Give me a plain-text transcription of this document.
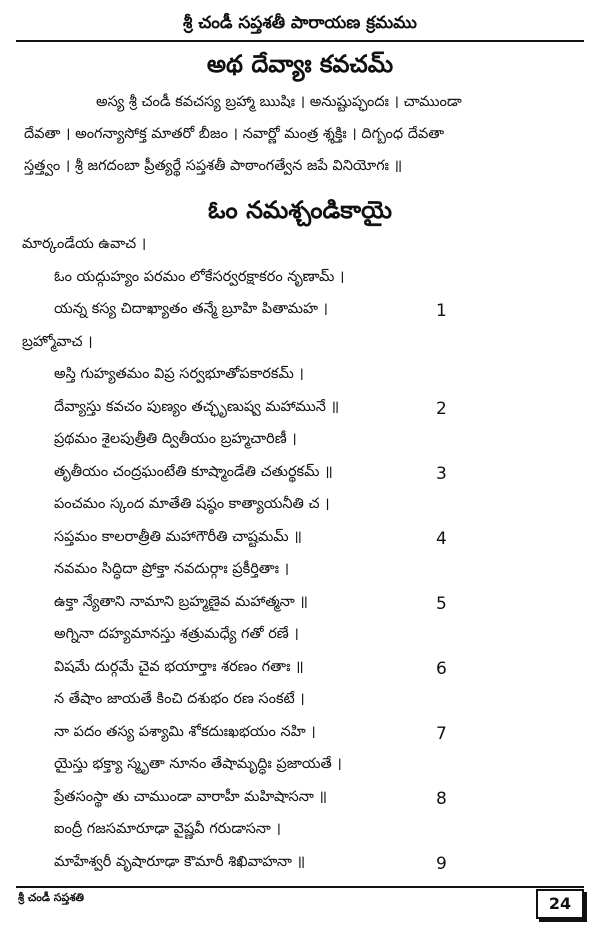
శ్రీ చండీ సప్తశతీ పారాయణ క్రమము
అథ దేవ్యాః కవచమ్
అస్య శ్రీ చండీ కవచస్య బ్రహ్మా ఋషిః । అనుష్టుప్ఛందః । చాముండా
దేవతా । అంగన్యాసోక్త మాతరో బీజం । నవార్ణో మంత్ర శ్శక్తిః । దిగ్బంధ దేవతా
స్తత్త్వం । శ్రీ జగదంబా ప్రీత్యర్థే సప్తశతీ పాఠాంగత్వేన జపే వినియోగః ॥
ఓం నమశ్చండికాయై
మార్కండేయ ఉవాచ ।
ఓం యద్గుహ్యం పరమం లోకేసర్వరక్షాకరం నృణామ్ ।
యన్న కస్య చిదాఖ్యాతం తన్మే బ్రూహి పితామహ ।	1
బ్రహ్మోవాచ ।
అస్తి గుహ్యతమం విప్ర సర్వభూతోపకారకమ్ ।
దేవ్యాస్తు కవచం పుణ్యం తచ్ఛృణుష్వ మహామునే ॥	2
ప్రథమం శైలపుత్రీతి ద్వితీయం బ్రహ్మచారిణీ ।
తృతీయం చంద్రఘంటేతి కూష్మాండేతి చతుర్థకమ్ ॥	3
పంచమం స్కంద మాతేతి షష్ఠం కాత్యాయనీతి చ ।
సప్తమం కాలరాత్రీతి మహాగౌరీతి చాష్టమమ్ ॥	4
నవమం సిద్ధిదా ప్రోక్తా నవదుర్గాః ప్రకీర్తితాః ।
ఉక్తా న్యేతాని నామాని బ్రహ్మణైవ మహాత్మనా ॥	5
అగ్నినా దహ్యమానస్తు శత్రుమధ్యే గతో రణే ।
విషమే దుర్గమే చైవ భయార్తాః శరణం గతాః ॥	6
న తేషాం జాయతే కించి దశుభం రణ సంకటే ।
నా పదం తస్య పశ్యామి శోకదుఃఖభయం నహి ।	7
యైస్తు భక్త్యా స్మృతా నూనం తేషామృద్ధిః ప్రజాయతే ।
ప్రేతసంస్థా తు చాముండా వారాహీ మహిషాసనా ॥	8
ఐంద్రీ గజసమారూఢా వైష్ణవీ గరుడాసనా ।
మాహేశ్వరీ వృషారూఢా కౌమారీ శిఖివాహనా ॥	9
శ్రీ చండీ సప్తశతి	24
